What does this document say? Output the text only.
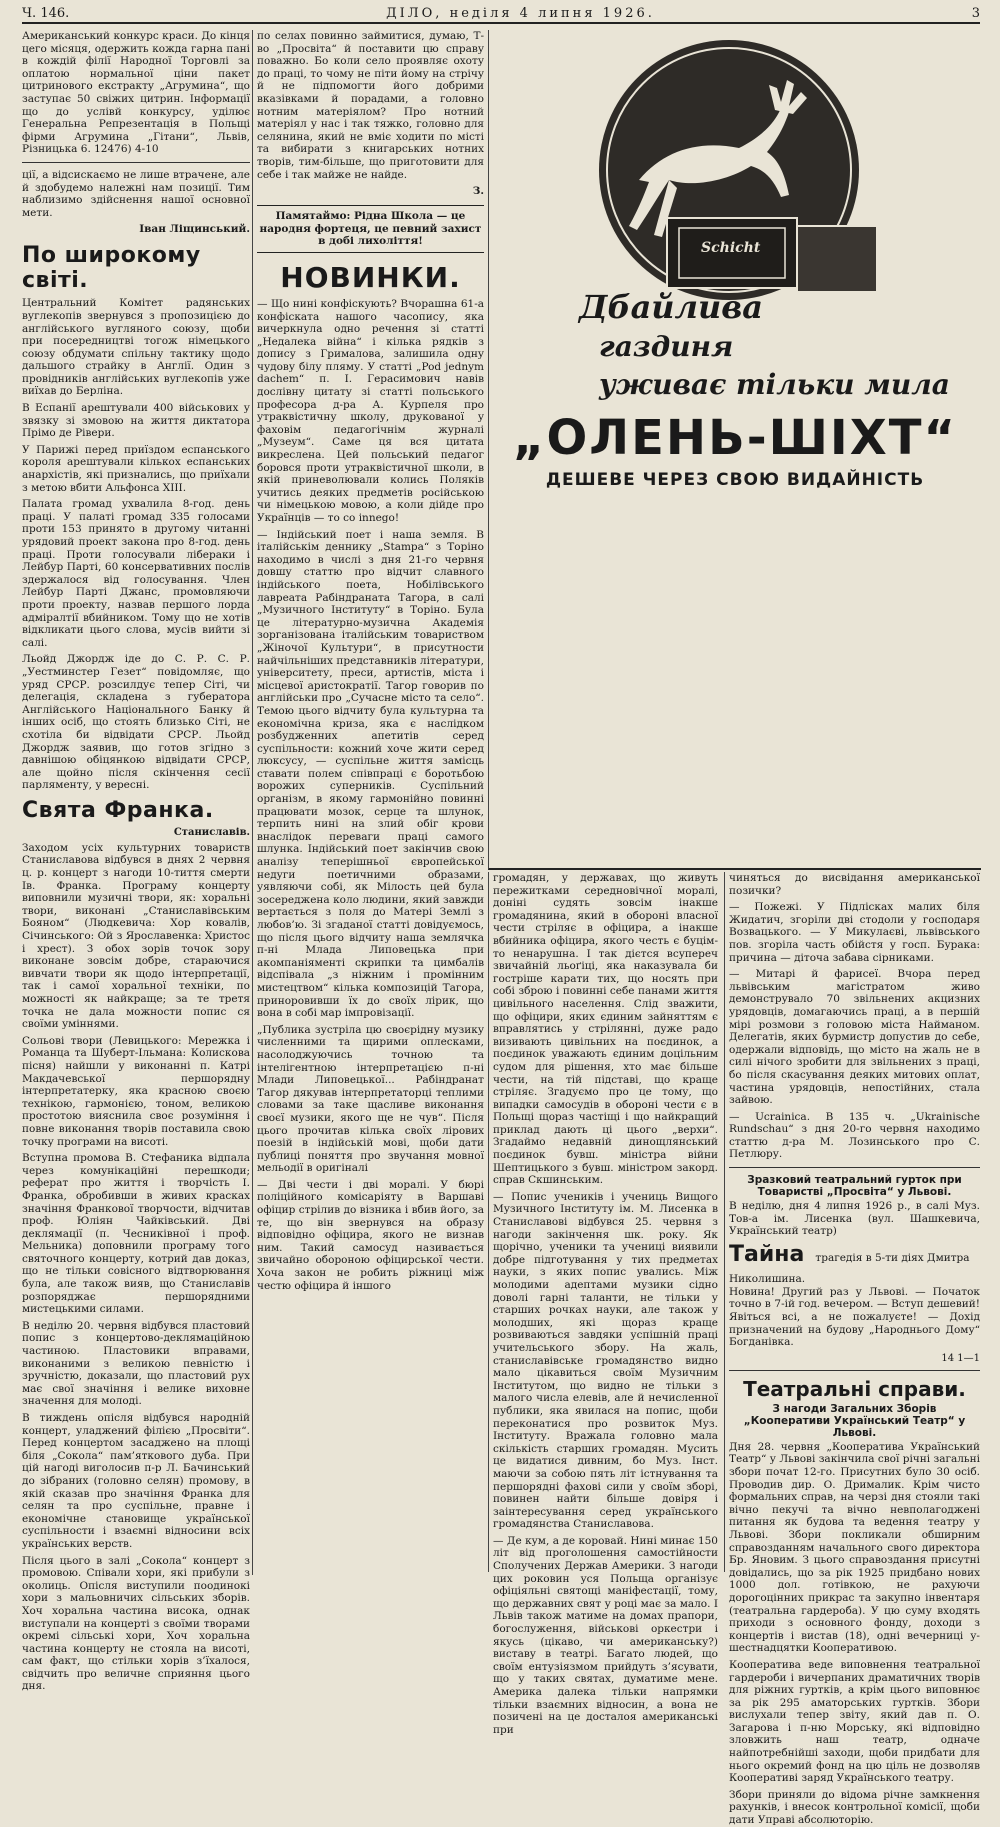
Ч. 146.	ДІЛО, неділя 4 липня 1926.	3

Американський конкурс краси. До кінця цего місяця, одержить кожда гарна пані в кождій філії Народної Торговлі за оплатою нормальної ціни пакет цитринового екстракту „Агрумина“, що заступає 50 свіжих цитрин. Інформації що до услівй конкурсу, уділює Генеральна Репрезентація в Польщі фірми Агрумина „Гітани“, Львів, Різницька 6. 12476) 4-10

ції, а відсискаємо не лише втрачене, але й здобудемо належні нам позиції. Тим наблизимо здійснення нашої основної мети.

Іван Ліщинський.
По широкому світі.

Центральний Комітет радянських вуглекопів звернувся з пропозицією до англійського вугляного союзу, щоби при посередництві тогож німецького союзу обдумати спільну тактику щодо дальшого страйку в Англії. Один з провідників англійських вуглекопів уже виїхав до Берліна.

В Еспанії арештували 400 військових у звязку зі змовою на життя диктатора Прімо де Рівери.

У Парижі перед приїздом еспанського короля арештували кількох еспанських анархістів, які признались, що приїхали з метою вбити Альфонса XIII.

Палата громад ухвалила 8-год. день праці. У палаті громад 335 голосами проти 153 принято в другому читанні урядовий проект закона про 8-год. день праці. Проти голосували лібераки і Лейбур Парті, 60 консервативних послів здержалося від голосування. Член Лейбур Парті Джанс, промовляючи проти проекту, назвав першого лорда адміралтії вбийником. Тому що не хотів відкликати цього слова, мусів вийти зі салі.

Льойд Джордж іде до С. Р. С. Р. „Уестминстер Гезет“ повідомляє, що уряд СРСР. розсилдує тепер Сіті, чи делегація, складена з губератора Англійського Національного Банку й інших осіб, що стоять близько Сіті, не схотіла би відвідати СРСР. Льойд Джордж заявив, що готов згідно з давнішою обіцянкою відвідати СРСР, але щойно після скінчення сесії парляменту, у вересні.

Свята Франка.
Станиславів.

Заходом усіх культурних товариств Станиславова відбувся в днях 2 червня ц. р. концерт з нагоди 10-тиття смерти Ів. Франка. Програму концерту виповнили музичні твори, як: хоральні твори, виконані „Станиславівським Бояном“ (Людкевича: Хор ковалів, Січинського: Ой з Ярославенка: Христос і хрест). З обох зорів точок зору виконане зовсім добре, стараючися вивчати твори як щодо інтерпретації, так і самої хоральної техніки, по можності як найкраще; за те третя точка не дала можности попис ся своїми уміннями.

Сольові твори (Левицького: Мережка і Романца та Шуберт-Ільмана: Колискова пісня) найшли у виконанні п. Катрі Макдачевської першорядну інтерпретатерку, яка красною своєю технікою, гармонією, тоном, великою простотою вияснила своє розуміння і повне виконання творів поставила свою точку програми на висоті.

Вступна промова В. Стефаника відпала через комунікаційні перешкоди; реферат про життя і творчість І. Франка, обробивши в живих красках значіння Франкової творчости, відчитав проф. Юліян Чайківський. Дві деклямації (п. Чесниківної і проф. Мельника) доповнили програму того святочного концерту, котрий дав доказ, що не тільки совісного відтворювання була, але також вияв, що Станиславів розпоряджає першорядними мистецькими силами.

В неділю 20. червня відбувся пластовий попис з концертово-деклямаційною частиною. Пластовики вправами, виконаними з великою певністю і зручністю, доказали, що пластовий рух має свої значіння і велике виховне значення для молоді.

В тиждень опісля відбувся народній концерт, уладжений філією „Просвіти“. Перед концертом засаджено на площі біля „Сокола“ пам’яткового дуба. При цій нагоді виголосив п-р Л. Бачинський до зібраних (головно селян) промову, в якій сказав про значіння Франка для селян та про суспільне, правне і економічне становище української суспільности і взаємні відносини всіх українських верств.

Після цього в залі „Сокола“ концерт з промовою. Співали хори, які прибули з околиць. Опісля виступили поодинокі хори з мальовничих сільських зборів. Хоч хоральна частина висока, однак виступали на концерті з своїми творами окремі сільські хори, Хоч хоральна частина концерту не стояла на висоті, сам факт, що стільки хорів з’їхалося, свідчить про величне сприяння цього дня.

по селах повинно займитися, думаю, Т-во „Просвіта“ й поставити цю справу поважно. Бо коли село проявляє охоту до праці, то чому не піти йому на стрічу й не підпомогти його добрими вказівками й порадами, а головно нотним матеріялом? Про нотний матеріял у нас і так тяжко, головно для селянина, який не вміє ходити по місті та вибирати з книгарських нотних творів, тим-більше, що приготовити для себе і так майже не найде.

З.
Памятаймо: Рідна Школа — це народня фортеця, це певний захист в добі лихоліття!
НОВИНКИ.

— Що нині конфіскують? Вчорашна 61-а конфіската нашого часопису, яка вичеркнула одно речення зі статті „Недалека війна“ і кілька рядків з допису з Грималова, залишила одну чудову білу пляму. У статті „Pod jednym dachem“ п. І. Герасимович навів дослівну цитату зі статті польського професора д-ра А. Курпеля про утраквістичну школу, друкованої у фаховім педагогічнім журналі „Музеум“. Саме ця вся цитата викреслена. Цей польський педагог боровся проти утраквістичної школи, в якій приневолювали колись Поляків учитись деяких предметів російською чи німецькою мовою, а коли дійде про Українців — то co innego!

— Індійський поет і наша земля. В італійськім деннику „Stampa“ з Торіно находимо в числі з дня 21-го червня довшу статтю про відчит славного індійського поета, Нобілівського лавреата Рабіндраната Тагора, в салі „Музичного Інституту“ в Торіно. Була це літературно-музична Академія зорганізована італійським товариством „Жіночої Культури“, в присутности найчільніших представників літератури, університету, преси, артистів, міста і місцевої аристократії. Тагор говорив по англійськи про „Сучасне місто та село“. Темою цього відчиту була культурна та економічна криза, яка є наслідком розбудженних апетитів серед суспільности: кожний хоче жити серед люксусу, — суспільне життя замісць ставати полем співпраці є боротьбою ворожих суперників. Суспільний організм, в якому гармонійно повинні працювати мозок, серце та шлунок, терпить нині на злий обіг крови внаслідок переваги праці самого шлунка. Індійський поет закінчив свою аналізу теперішньої європейської недуги поетичними образами, уявляючи собі, як Мілость цей була зосереджена коло людини, який завжди вертається з поля до Матері Землі з любов’ю. Зі згаданої статті довідуємось, що після цього відчиту наша землячка п-ні Млада Липовецька при акомпаніяменті скрипки та цимбалів відспівала „з ніжним і промінним мистецтвом“ кілька композицій Тагора, приноровивши їх до своїх лірик, що вона в собі мар імпровізації.

„Публика зустріла цю своєрідну музику численними та щирими оплесками, насолоджуючись точною та інтелігентною інтерпретацією п-ні Млади Липовецької... Рабіндранат Тагор дякував інтерпретаторці теплими словами за таке щасливе виконання своєї музики, якого ще не чув“. Після цього прочитав кілька своїх лірових поезій в індійській мові, щоби дати публиці поняття про звучання мовної мельодії в оригіналі

— Дві чести і дві моралі. У бюрі поліційного комісаріяту в Варшаві офіцир стрілив до візника і вбив його, за те, що він звернувся на образу відповідно офіцира, якого не визнав ним. Такий самосуд називається звичайно обороною офіцирської чести. Хоча закон не робить ріжниці між честю офіцира й іншого

Schicht
Дбайлива
газдиня
уживає тільки мила
„ОЛЕНЬ-ШІХТ“
ДЕШЕВЕ ЧЕРЕЗ СВОЮ ВИДАЙНІСТЬ

громадян, у державах, що живуть пережитками середновічної моралі, доніні судять зовсім інакше громадянина, який в обороні власної чести стріляє в офіцира, а інакше вбийника офіцира, якого честь є буцім-то ненарушна. І так дієтся всупереч звичайній льоґіці, яка наказувала би гостріше карати тих, що носять при собі зброю і повинні себе панами життя цивільного населення. Слід зважити, що офіцири, яких єдиним зайняттям є вправлятись у стрілянні, дуже радо визивають цивільних на поєдинок, а поєдинок уважають єдиним доцільним судом для рішення, хто має більше чести, на тій підставі, що краще стріляє. Згадуємо про це тому, що випадки самосудів в обороні чести є в Польщі щораз частіщі і що найкращий приклад дають ці цього „верхи“. Згадаймо недавній динощлянський поєдинок бувш. міністра війни Шептицького з бувш. міністром закорд. справ Скшинським.

— Попис учеників і учениць Вищого Музичного Інституту ім. М. Лисенка в Станиславові відбувся 25. червня з нагоди закінчення шк. року. Як щорічно, ученики та учениці виявили добре підготування у тих предметах науки, з яких попис увались. Між молодими адептами музики сідно доволі гарні таланти, не тільки у старших рочках науки, але також у молодших, які щораз краще розвиваються завдяки успішній праці учительського збору. На жаль, станиславівське громадянство видно мало цікавиться своїм Музичним Інститутом, що видно не тільки з малого числа елевів, але й нечисленної публики, яка явилася на попис, щоби переконатися про розвиток Муз. Інституту. Вражала головно мала скількість старших громадян. Мусить це видатися дивним, бо Муз. Інст. маючи за собою пять літ істнування та першорядні фахові сили у своїм зборі, повинен найти більше довіря і заінтересування серед українського громадянства Станиславова.

— Де кум, а де коровай. Нині минає 150 літ від проголошення самостійности Сполучених Держав Америки. З нагоди цих роковин уся Польща організує офіціяльні святощі маніфестації, тому, що державних свят у році має за мало. І Львів також матиме на домах прапори, богослуження, військові оркестри і якусь (цікаво, чи американську?) виставу в театрі. Багато людей, що своїм ентузіязмом прийдуть з’ясувати, що у таких святах, думатиме мене. Америка далека тільки напрямки тільки взаємних відносин, а вона не позичені на це досталоя американські при

чиняться до висвідання американської позички?

— Пожежі. У Підлісках малих біля Жидатич, згоріли дві стодоли у господаря Возвацького. — У Микулаєві, львівського пов. згоріла часть обійстя у госп. Буракa: причина — діточа забава сірниками.

— Митарі й фарисеї. Вчора перед львівським магістратом живо демонструвало 70 звільнених акцизних урядовців, домагаючись праці, а в першій мірі розмови з головою міста Найманом. Делегатів, яких бурмистр допустив до себе, одержали відповідь, що місто на жаль не в силі нічого зробити для звільнених з праці, бо після скасування деяких митових оплат, частина урядовців, непостійних, стала зайвою.

— Ucrainica. В 135 ч. „Ukrainische Rundschau“ з дня 20-го червня находимо статтю д-ра М. Лозинського про С. Петлюру.

Зразковий театральний гурток при Товаристві „Просвіта“ у Львові.

В неділю, дня 4 липня 1926 р., в салі Муз. Тов-а ім. Лисенка (вул. Шашкевича, Український театр)

Тайна трагедія в 5-ти діях Дмитра Николишина.

Новина! Другий раз у Львові. — Початок точно в 7-ій год. вечером. — Вступ дешевий! Явіться всі, а не пожалуєте! — Дохід призначений на будову „Народнього Дому“ Богданівка.

14 1—1
Театральні справи.
З нагоди Загальних Зборів „Кооперативи Український Театр“ у Львові.

Дня 28. червня „Кооператива Український Театр“ у Львові закінчила свої річні загальні збори почат 12-го. Присутних було 30 осіб. Проводив дир. О. Дрималик. Крім чисто формальних справ, на черзі дня стояли такі вічно пекучі та вічно невполагоджені питання як будова та ведення театру у Львові. Збори покликали обширним справозданням начального свого директора Бр. Яновим. З цього справоздання присутні довідались, що за рік 1925 придбано нових 1000 дол. готівкою, не рахуючи дорогоцінних прикрас та закупно інвентаря (театральна гардероба). У цю суму входять приходи з основного фонду, доходи з концертів і вистав (18), одні вечерниці у-шестнадцятки Кооперативою.

Кооператива веде виповнення театральної гардероби і вичерпаних драматичних творів для ріжних гуртків, а крім цього виповнює за рік 295 аматорських гуртків. Збори вислухали тепер звіту, який дав п. О. Загарова і п-ню Морську, які відповідно зловжить наш театр, одначе найпотребнійші заходи, щоби придбати для нього окремий фонд на цю ціль не дозволяв Кооперативі заряд Українського театру.

Збори приняли до відома річне замкнення рахунків, і внесок контрольної комісії, щоби дати Управі абсолюторію.
